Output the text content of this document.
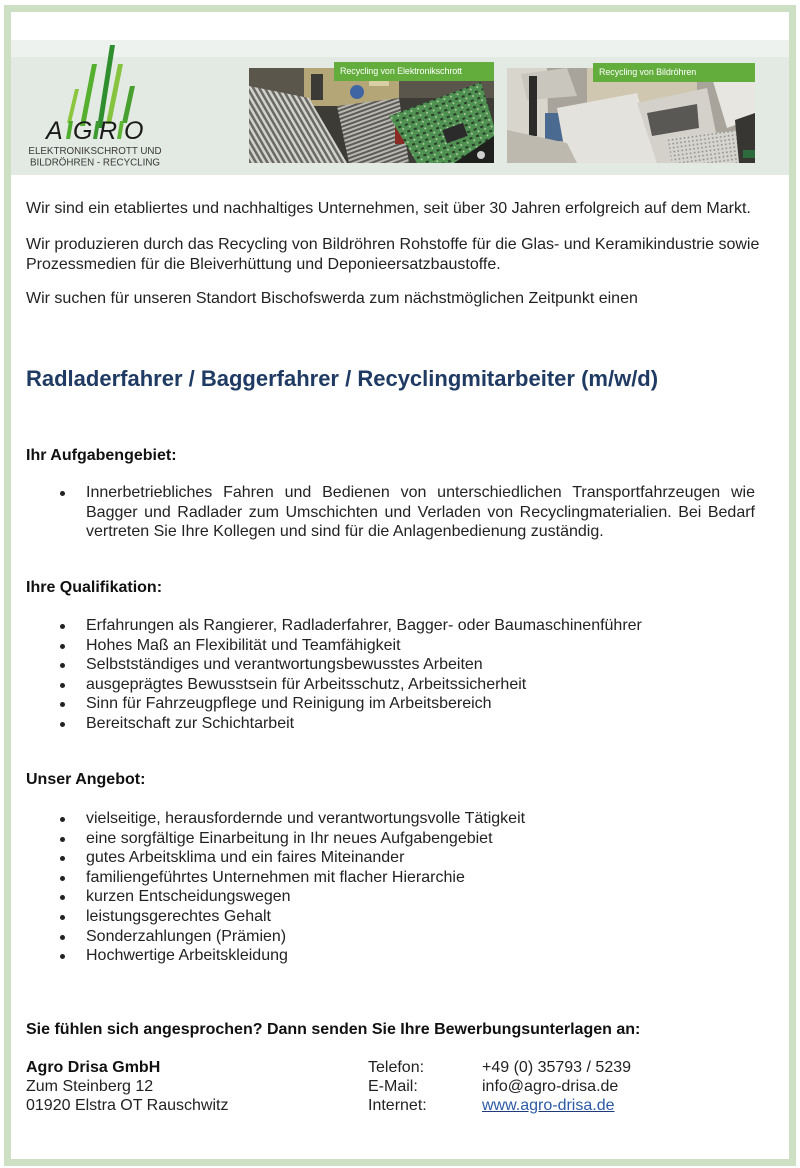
A G R O
ELEKTRONIKSCHROTT UND
BILDRÖHREN - RECYCLING
Recycling von Elektronikschrott	Recycling von Bildröhren
Wir sind ein etabliertes und nachhaltiges Unternehmen, seit über 30 Jahren erfolgreich auf dem Markt.
Wir produzieren durch das Recycling von Bildröhren Rohstoffe für die Glas- und Keramikindustrie sowie
Prozessmedien für die Bleiverhüttung und Deponieersatzbaustoffe.
Wir suchen für unseren Standort Bischofswerda zum nächstmöglichen Zeitpunkt einen
Radladerfahrer / Baggerfahrer / Recyclingmitarbeiter (m/w/d)
Ihr Aufgabengebiet:
Innerbetriebliches Fahren und Bedienen von unterschiedlichen Transportfahrzeugen wie
Bagger und Radlader zum Umschichten und Verladen von Recyclingmaterialien. Bei Bedarf
vertreten Sie Ihre Kollegen und sind für die Anlagenbedienung zuständig.
Ihre Qualifikation:
Erfahrungen als Rangierer, Radladerfahrer, Bagger- oder Baumaschinenführer
Hohes Maß an Flexibilität und Teamfähigkeit
Selbstständiges und verantwortungsbewusstes Arbeiten
ausgeprägtes Bewusstsein für Arbeitsschutz, Arbeitssicherheit
Sinn für Fahrzeugpflege und Reinigung im Arbeitsbereich
Bereitschaft zur Schichtarbeit
Unser Angebot:
vielseitige, herausfordernde und verantwortungsvolle Tätigkeit
eine sorgfältige Einarbeitung in Ihr neues Aufgabengebiet
gutes Arbeitsklima und ein faires Miteinander
familiengeführtes Unternehmen mit flacher Hierarchie
kurzen Entscheidungswegen
leistungsgerechtes Gehalt
Sonderzahlungen (Prämien)
Hochwertige Arbeitskleidung
Sie fühlen sich angesprochen? Dann senden Sie Ihre Bewerbungsunterlagen an:
Agro Drisa GmbH
Zum Steinberg 12
01920 Elstra OT Rauschwitz
Telefon:
E-Mail:
Internet:
+49 (0) 35793 / 5239
info@agro-drisa.de
www.agro-drisa.de
